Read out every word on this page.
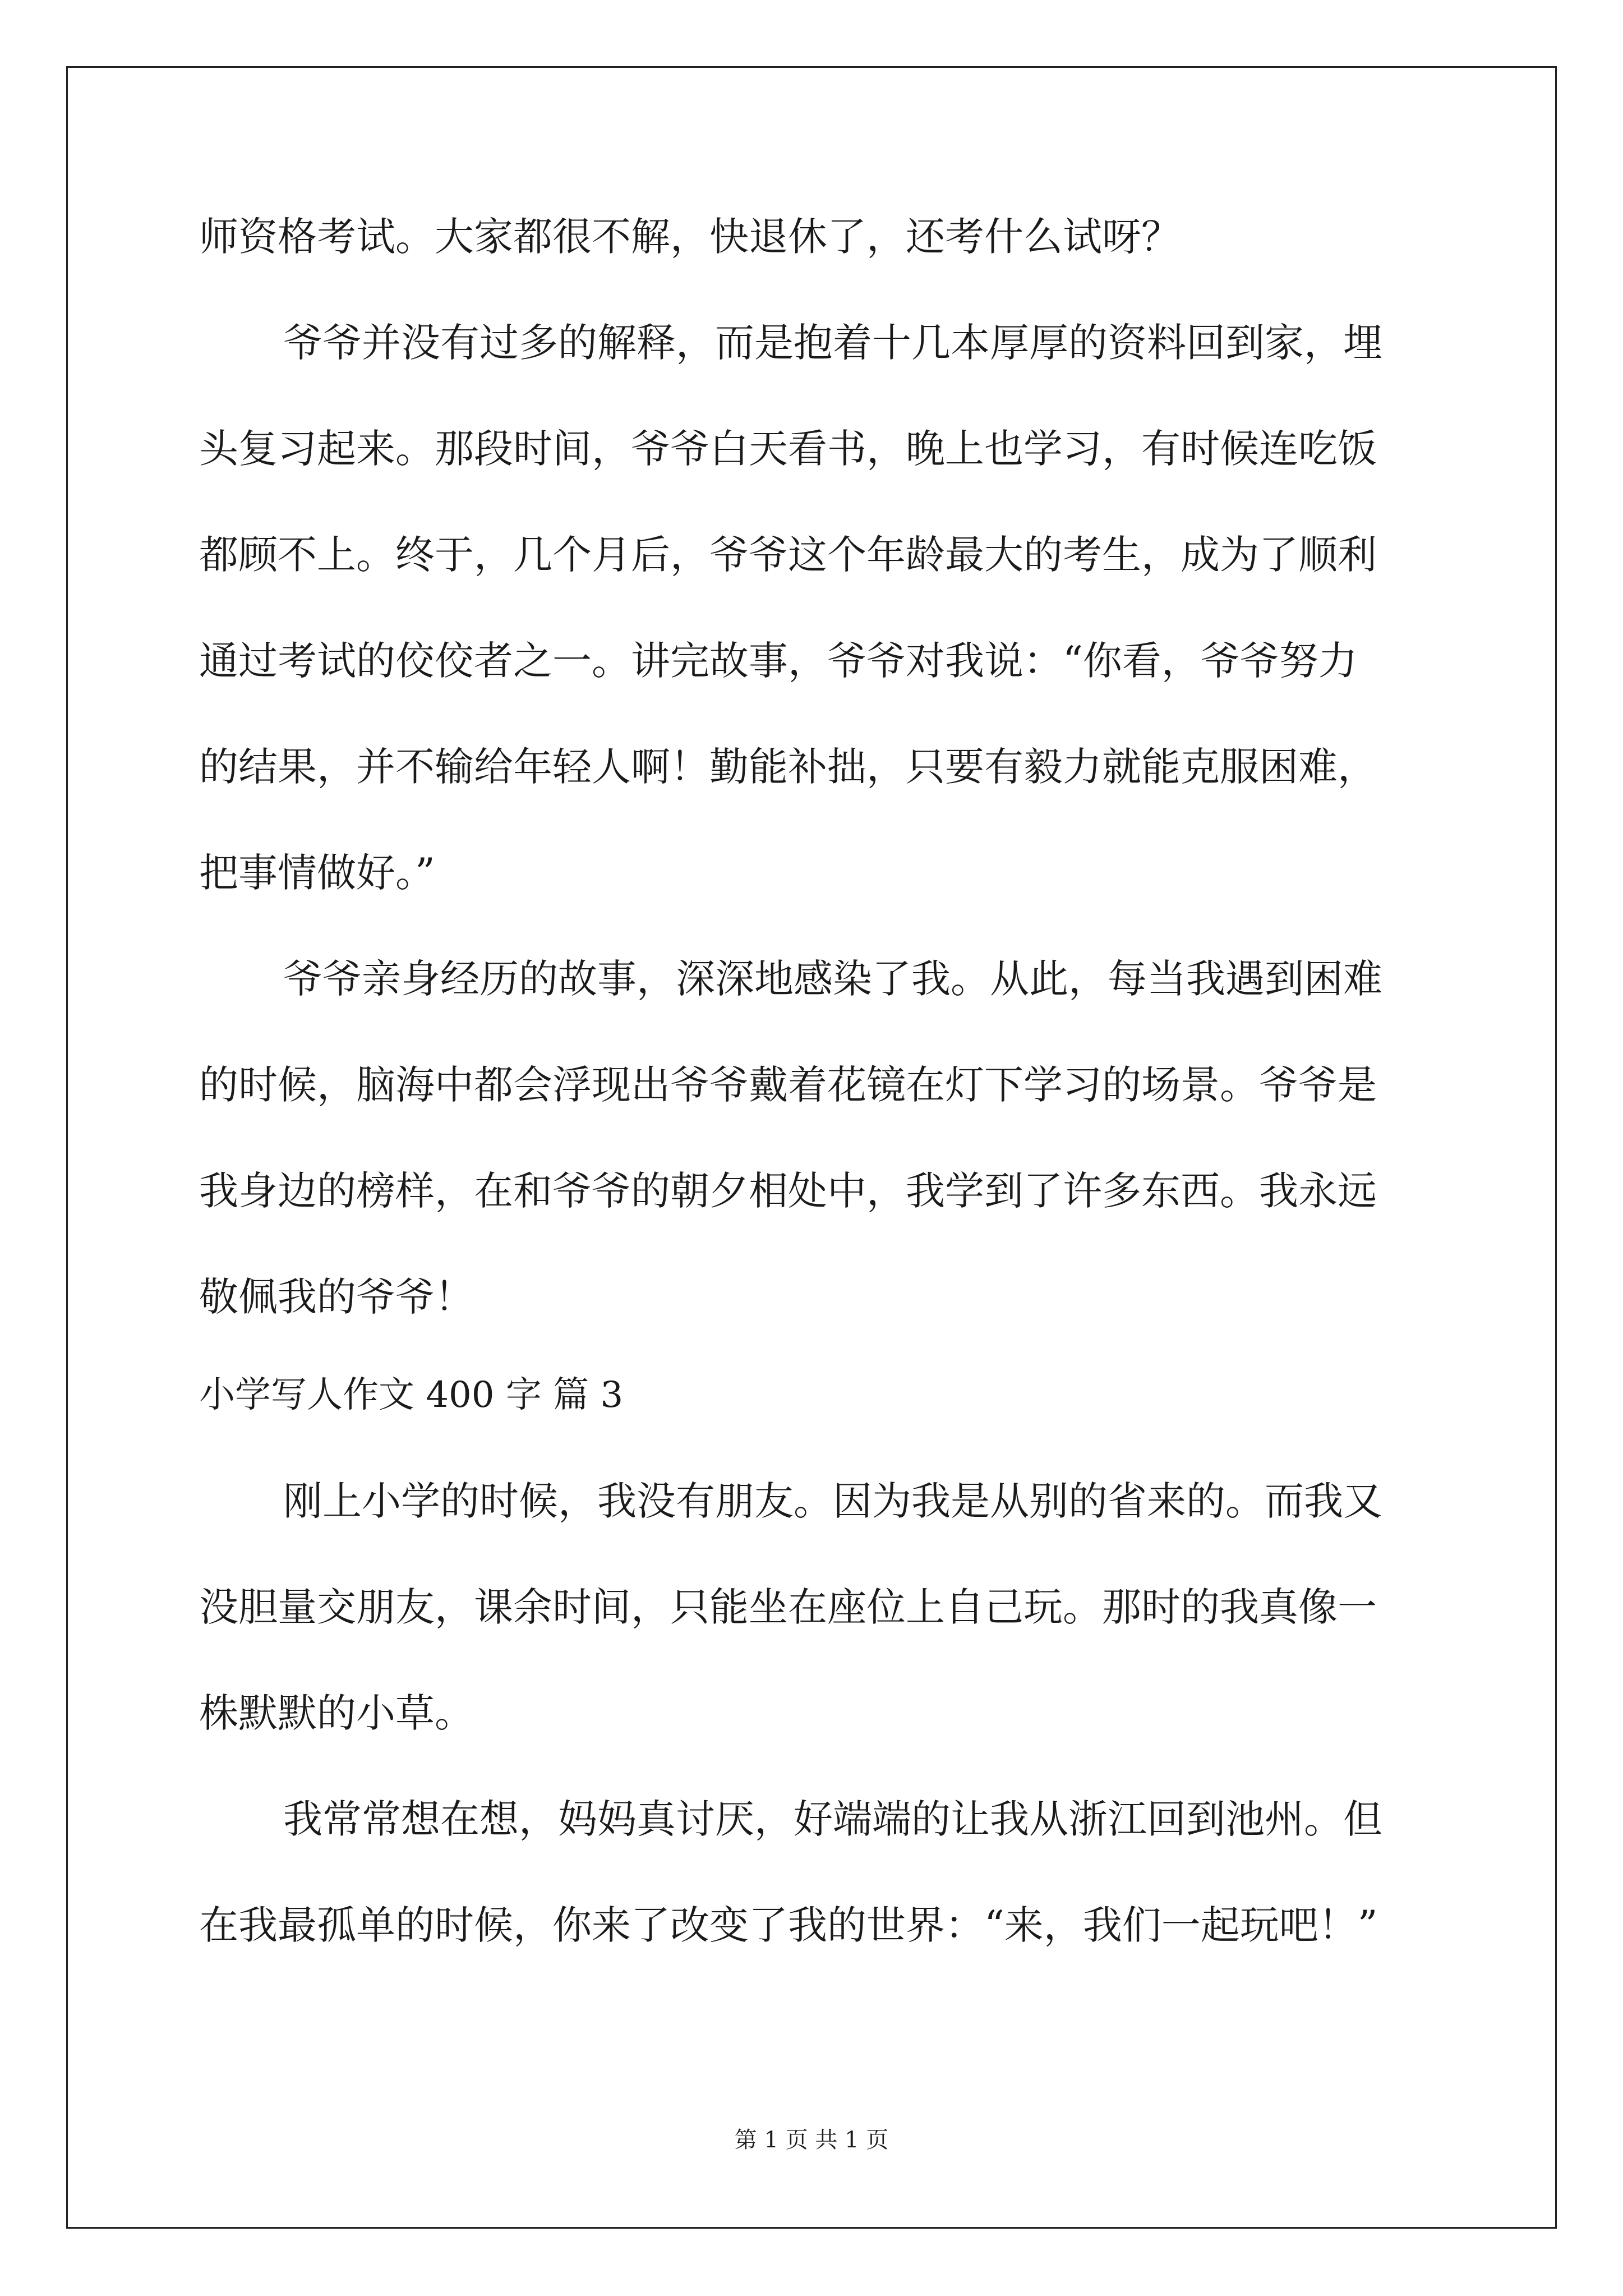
师资格考试。大家都很不解，快退休了，还考什么试呀？
爷爷并没有过多的解释，而是抱着十几本厚厚的资料回到家，埋
头复习起来。那段时间，爷爷白天看书，晚上也学习，有时候连吃饭
都顾不上。终于，几个月后，爷爷这个年龄最大的考生，成为了顺利
通过考试的佼佼者之一。讲完故事，爷爷对我说：“你看，爷爷努力
的结果，并不输给年轻人啊！勤能补拙，只要有毅力就能克服困难，
把事情做好。”
爷爷亲身经历的故事，深深地感染了我。从此，每当我遇到困难
的时候，脑海中都会浮现出爷爷戴着花镜在灯下学习的场景。爷爷是
我身边的榜样，在和爷爷的朝夕相处中，我学到了许多东西。我永远
敬佩我的爷爷！
小学写人作文 400 字 篇 3
刚上小学的时候，我没有朋友。因为我是从别的省来的。而我又
没胆量交朋友，课余时间，只能坐在座位上自己玩。那时的我真像一
株默默的小草。
我常常想在想，妈妈真讨厌，好端端的让我从浙江回到池州。但
在我最孤单的时候，你来了改变了我的世界：“来，我们一起玩吧！”
第 1 页 共 1 页
